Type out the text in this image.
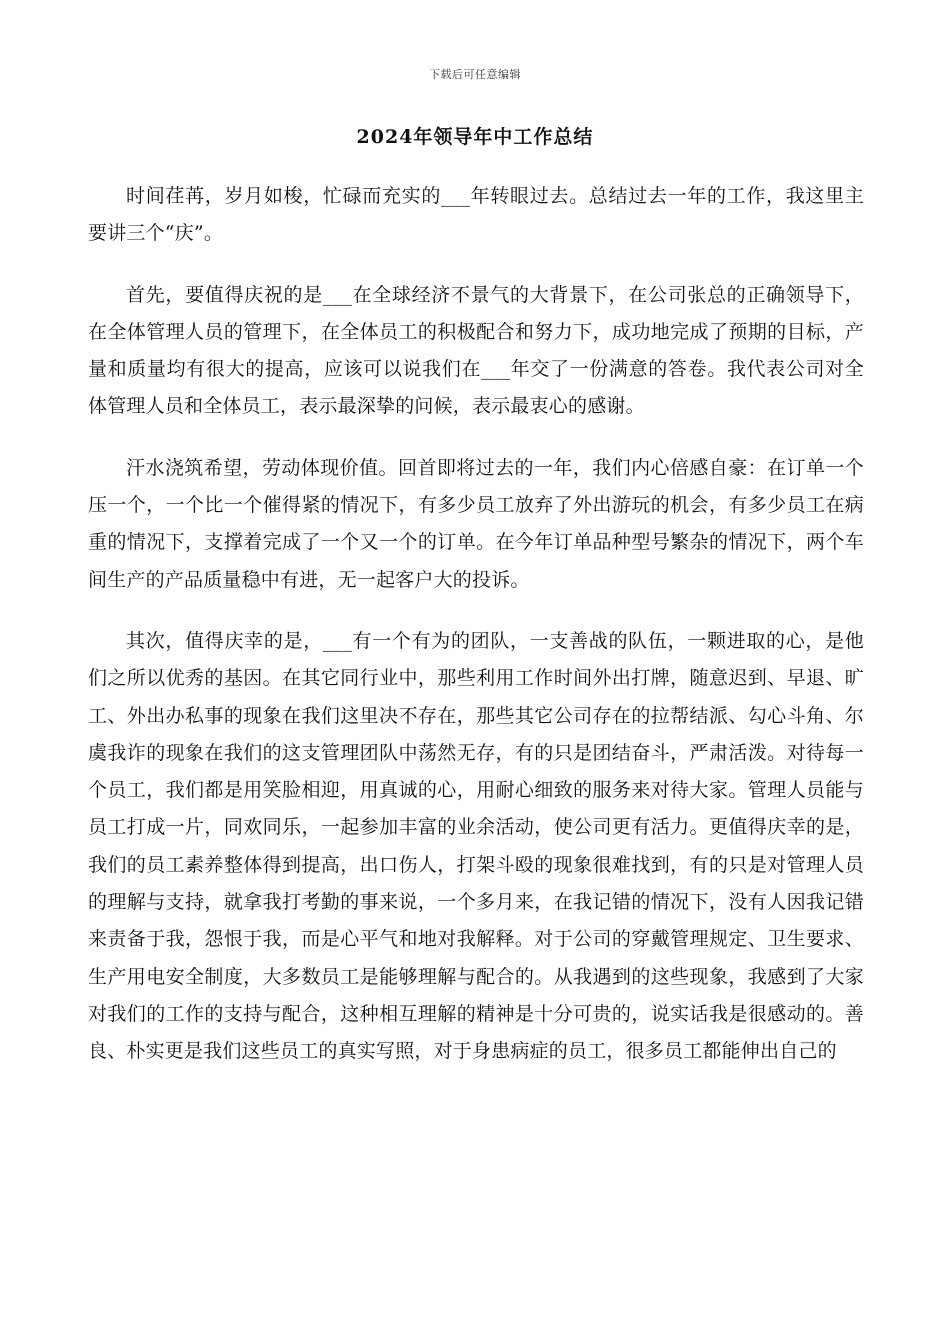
下载后可任意编辑
2024年领导年中工作总结

时间荏苒，岁月如梭，忙碌而充实的___年转眼过去。总结过去一年的工作，我这里主要讲三个“庆”。

首先，要值得庆祝的是___在全球经济不景气的大背景下，在公司张总的正确领导下，在全体管理人员的管理下，在全体员工的积极配合和努力下，成功地完成了预期的目标，产量和质量均有很大的提高，应该可以说我们在___年交了一份满意的答卷。我代表公司对全体管理人员和全体员工，表示最深挚的问候，表示最衷心的感谢。

汗水浇筑希望，劳动体现价值。回首即将过去的一年，我们内心倍感自豪：在订单一个压一个，一个比一个催得紧的情况下，有多少员工放弃了外出游玩的机会，有多少员工在病重的情况下，支撑着完成了一个又一个的订单。在今年订单品种型号繁杂的情况下，两个车间生产的产品质量稳中有进，无一起客户大的投诉。

其次，值得庆幸的是，___有一个有为的团队，一支善战的队伍，一颗进取的心，是他们之所以优秀的基因。在其它同行业中，那些利用工作时间外出打牌，随意迟到、早退、旷工、外出办私事的现象在我们这里决不存在，那些其它公司存在的拉帮结派、勾心斗角、尔虞我诈的现象在我们的这支管理团队中荡然无存，有的只是团结奋斗，严肃活泼。对待每一个员工，我们都是用笑脸相迎，用真诚的心，用耐心细致的服务来对待大家。管理人员能与员工打成一片，同欢同乐，一起参加丰富的业余活动，使公司更有活力。更值得庆幸的是，我们的员工素养整体得到提高，出口伤人，打架斗殴的现象很难找到，有的只是对管理人员的理解与支持，就拿我打考勤的事来说，一个多月来，在我记错的情况下，没有人因我记错来责备于我，怨恨于我，而是心平气和地对我解释。对于公司的穿戴管理规定、卫生要求、生产用电安全制度，大多数员工是能够理解与配合的。从我遇到的这些现象，我感到了大家对我们的工作的支持与配合，这种相互理解的精神是十分可贵的，说实话我是很感动的。善良、朴实更是我们这些员工的真实写照，对于身患病症的员工，很多员工都能伸出自己的
